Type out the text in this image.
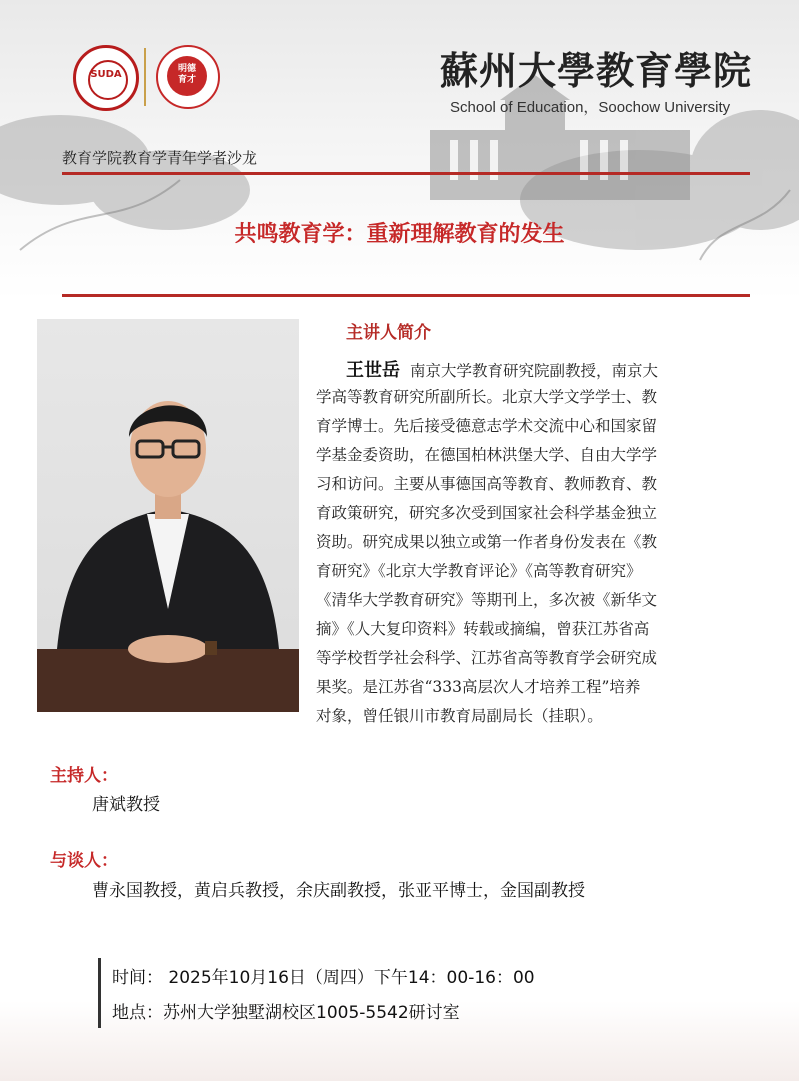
SUDA	明德
育才	蘇州大學教育學院
School of Education，Soochow University
教育学院教育学青年学者沙龙
共鸣教育学：重新理解教育的发生
主讲人简介
王世岳 南京大学教育研究院副教授，南京大
学高等教育研究所副所长。北京大学文学学士、教
育学博士。先后接受德意志学术交流中心和国家留
学基金委资助，在德国柏林洪堡大学、自由大学学
习和访问。主要从事德国高等教育、教师教育、教
育政策研究，研究多次受到国家社会科学基金独立
资助。研究成果以独立或第一作者身份发表在《教
育研究》《北京大学教育评论》《高等教育研究》
《清华大学教育研究》等期刊上，多次被《新华文
摘》《人大复印资料》转载或摘编，曾获江苏省高
等学校哲学社会科学、江苏省高等教育学会研究成
果奖。是江苏省“333高层次人才培养工程”培养
对象，曾任银川市教育局副局长（挂职）。
主持人：
唐斌教授
与谈人：
曹永国教授，黄启兵教授，余庆副教授，张亚平博士，金国副教授
时间： 2025年10月16日（周四）下午14：00-16：00
地点：苏州大学独墅湖校区1005-5542研讨室
